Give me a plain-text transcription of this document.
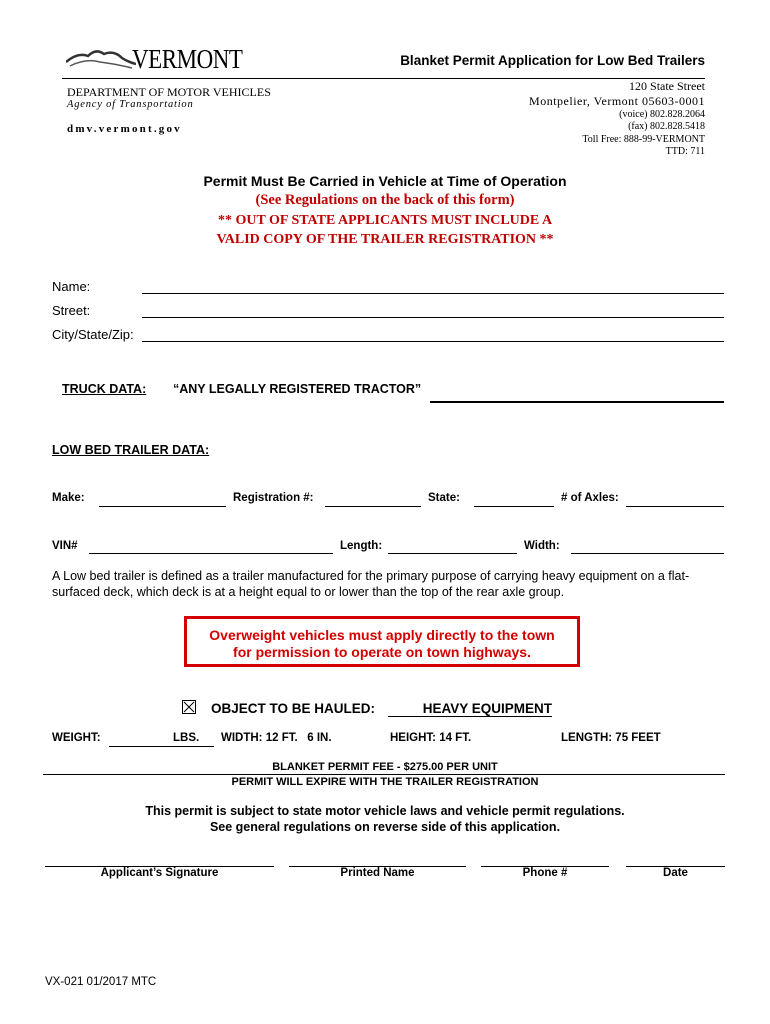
VERMONT	Blanket Permit Application for Low Bed Trailers
DEPARTMENT OF MOTOR VEHICLES
Agency of Transportation
dmv.vermont.gov
120 State Street
Montpelier, Vermont 05603-0001
(voice) 802.828.2064
(fax) 802.828.5418
Toll Free: 888-99-VERMONT
TTD: 711
Permit Must Be Carried in Vehicle at Time of Operation
(See Regulations on the back of this form)
** OUT OF STATE APPLICANTS MUST INCLUDE A
VALID COPY OF THE TRAILER REGISTRATION **
Name:
Street:
City/State/Zip:
TRUCK DATA: “ANY LEGALLY REGISTERED TRACTOR”
LOW BED TRAILER DATA:
Make:	Registration #:	State:	# of Axles:
VIN#	Length:	Width:
A Low bed trailer is defined as a trailer manufactured for the primary purpose of carrying heavy equipment on a flat-surfaced deck, which deck is at a height equal to or lower than the top of the rear axle group.
Overweight vehicles must apply directly to the town
for permission to operate on town highways.
OBJECT TO BE HAULED:	HEAVY EQUIPMENT
WEIGHT:	LBS. WIDTH: 12 FT.   6 IN.	HEIGHT: 14 FT.	LENGTH: 75 FEET
BLANKET PERMIT FEE - $275.00 PER UNIT
PERMIT WILL EXPIRE WITH THE TRAILER REGISTRATION
This permit is subject to state motor vehicle laws and vehicle permit regulations.
See general regulations on reverse side of this application.
Applicant’s Signature	Printed Name	Phone #	Date
VX-021 01/2017 MTC
